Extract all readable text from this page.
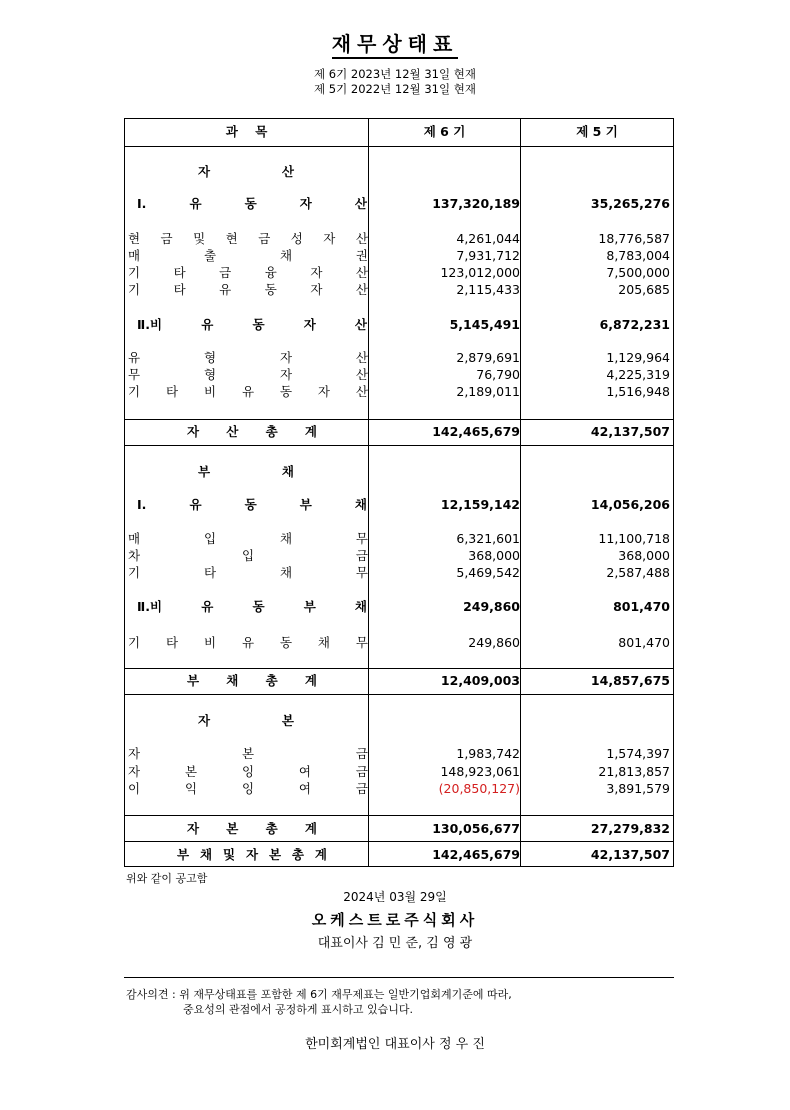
재무상태표
제 6기 2023년 12월 31일 현재
제 5기 2022년 12월 31일 현재
과    목	제 6 기	제 5 기
자	산
Ⅰ.	유	동	자	산	137,320,189	35,265,276
현 금 및 현 금 성 자 산	4,261,044	18,776,587
매	출	채	권	7,931,712	8,783,004
기	타	금	융	자	산	123,012,000	7,500,000
기	타	유	동	자	산	2,115,433	205,685
Ⅱ.비	유	동	자	산	5,145,491	6,872,231
유	형	자	산	2,879,691	1,129,964
무	형	자	산	76,790	4,225,319
기 타 비 유 동 자 산	2,189,011	1,516,948
자 산 총 계	142,465,679	42,137,507
부	채
Ⅰ.	유	동	부	채	12,159,142	14,056,206
매	입	채	무	6,321,601	11,100,718
차	입	금	368,000	368,000
기	타	채	무	5,469,542	2,587,488
Ⅱ.비	유	동	부	채	249,860	801,470
기 타 비 유 동 채 무	249,860	801,470
부 채 총 계	12,409,003	14,857,675
자	본
자	본	금	1,983,742	1,574,397
자	본	잉	여	금	148,923,061	21,813,857
이	익	잉	여	금	(20,850,127)	3,891,579
자 본 총 계	130,056,677	27,279,832
부 채 및 자 본 총 계	142,465,679	42,137,507
위와 같이 공고함
2024년 03월 29일
오케스트로주식회사
대표이사 김 민 준, 김 영 광
감사의견 : 위 재무상태표를 포함한 제 6기 재무제표는 일반기업회계기준에 따라,
중요성의 관점에서 공정하게 표시하고 있습니다.
한미회계법인 대표이사 정 우 진
